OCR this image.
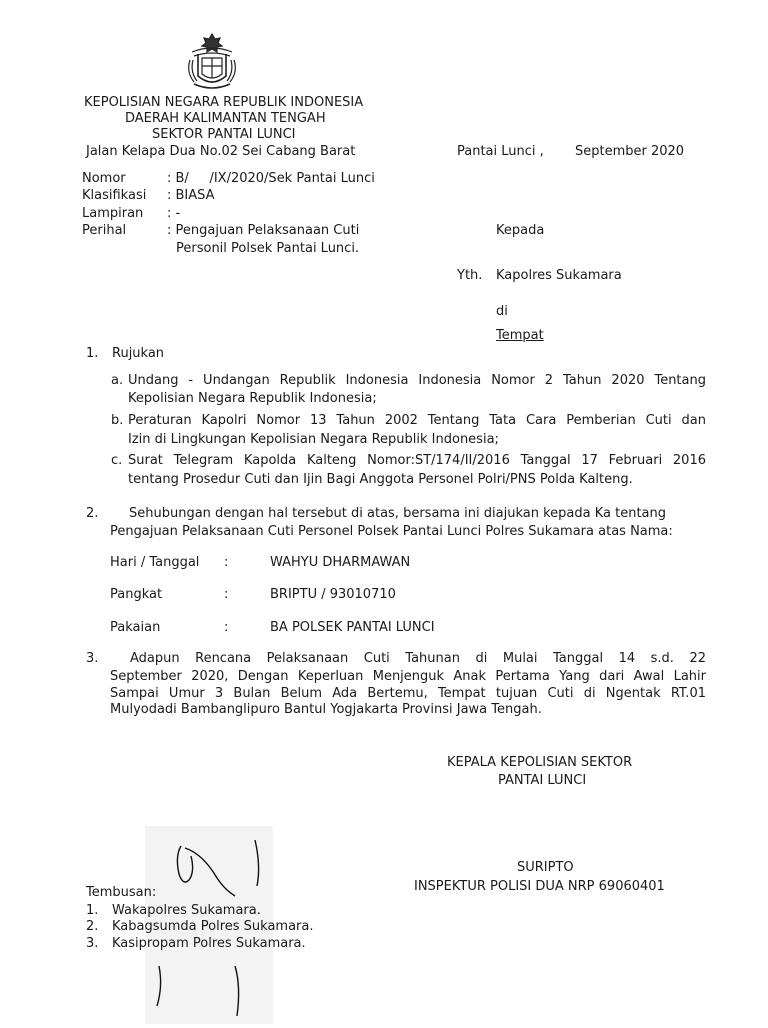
KEPOLISIAN NEGARA REPUBLIK INDONESIA
DAERAH KALIMANTAN TENGAH
SEKTOR PANTAI LUNCI
Jalan Kelapa Dua No.02 Sei Cabang Barat	Pantai Lunci , September 2020
Nomor	: B/     /IX/2020/Sek Pantai Lunci
Klasifikasi : BIASA
Lampiran : -
Perihal	: Pengajuan Pelaksanaan Cuti
Personil Polsek Pantai Lunci.
Kepada
Yth. Kapolres Sukamara
di
Tempat
1. Rujukan
a. Undang - Undangan Republik Indonesia Indonesia Nomor 2 Tahun 2020 Tentang
Kepolisian Negara Republik Indonesia;
b. Peraturan Kapolri Nomor 13 Tahun 2002 Tentang Tata Cara Pemberian Cuti dan
Izin di Lingkungan Kepolisian Negara Republik Indonesia;
c. Surat Telegram Kapolda Kalteng Nomor:ST/174/II/2016 Tanggal 17 Februari 2016
tentang Prosedur Cuti dan Ijin Bagi Anggota Personel Polri/PNS Polda Kalteng.
2. Sehubungan dengan hal tersebut di atas, bersama ini diajukan kepada Ka tentang
Pengajuan Pelaksanaan Cuti Personel Polsek Pantai Lunci Polres Sukamara atas Nama:
Hari / Tanggal :	WAHYU DHARMAWAN
Pangkat	:	BRIPTU / 93010710
Pakaian	:	BA POLSEK PANTAI LUNCI
3. Adapun Rencana Pelaksanaan Cuti Tahunan di Mulai Tanggal 14 s.d. 22
September 2020, Dengan Keperluan Menjenguk Anak Pertama Yang dari Awal Lahir
Sampai Umur 3 Bulan Belum Ada Bertemu, Tempat tujuan Cuti di Ngentak RT.01
Mulyodadi Bambanglipuro Bantul Yogjakarta Provinsi Jawa Tengah.
KEPALA KEPOLISIAN SEKTOR
PANTAI LUNCI
SURIPTO
INSPEKTUR POLISI DUA NRP 69060401
Tembusan:
1. Wakapolres Sukamara.
2. Kabagsumda Polres Sukamara.
3. Kasipropam Polres Sukamara.
